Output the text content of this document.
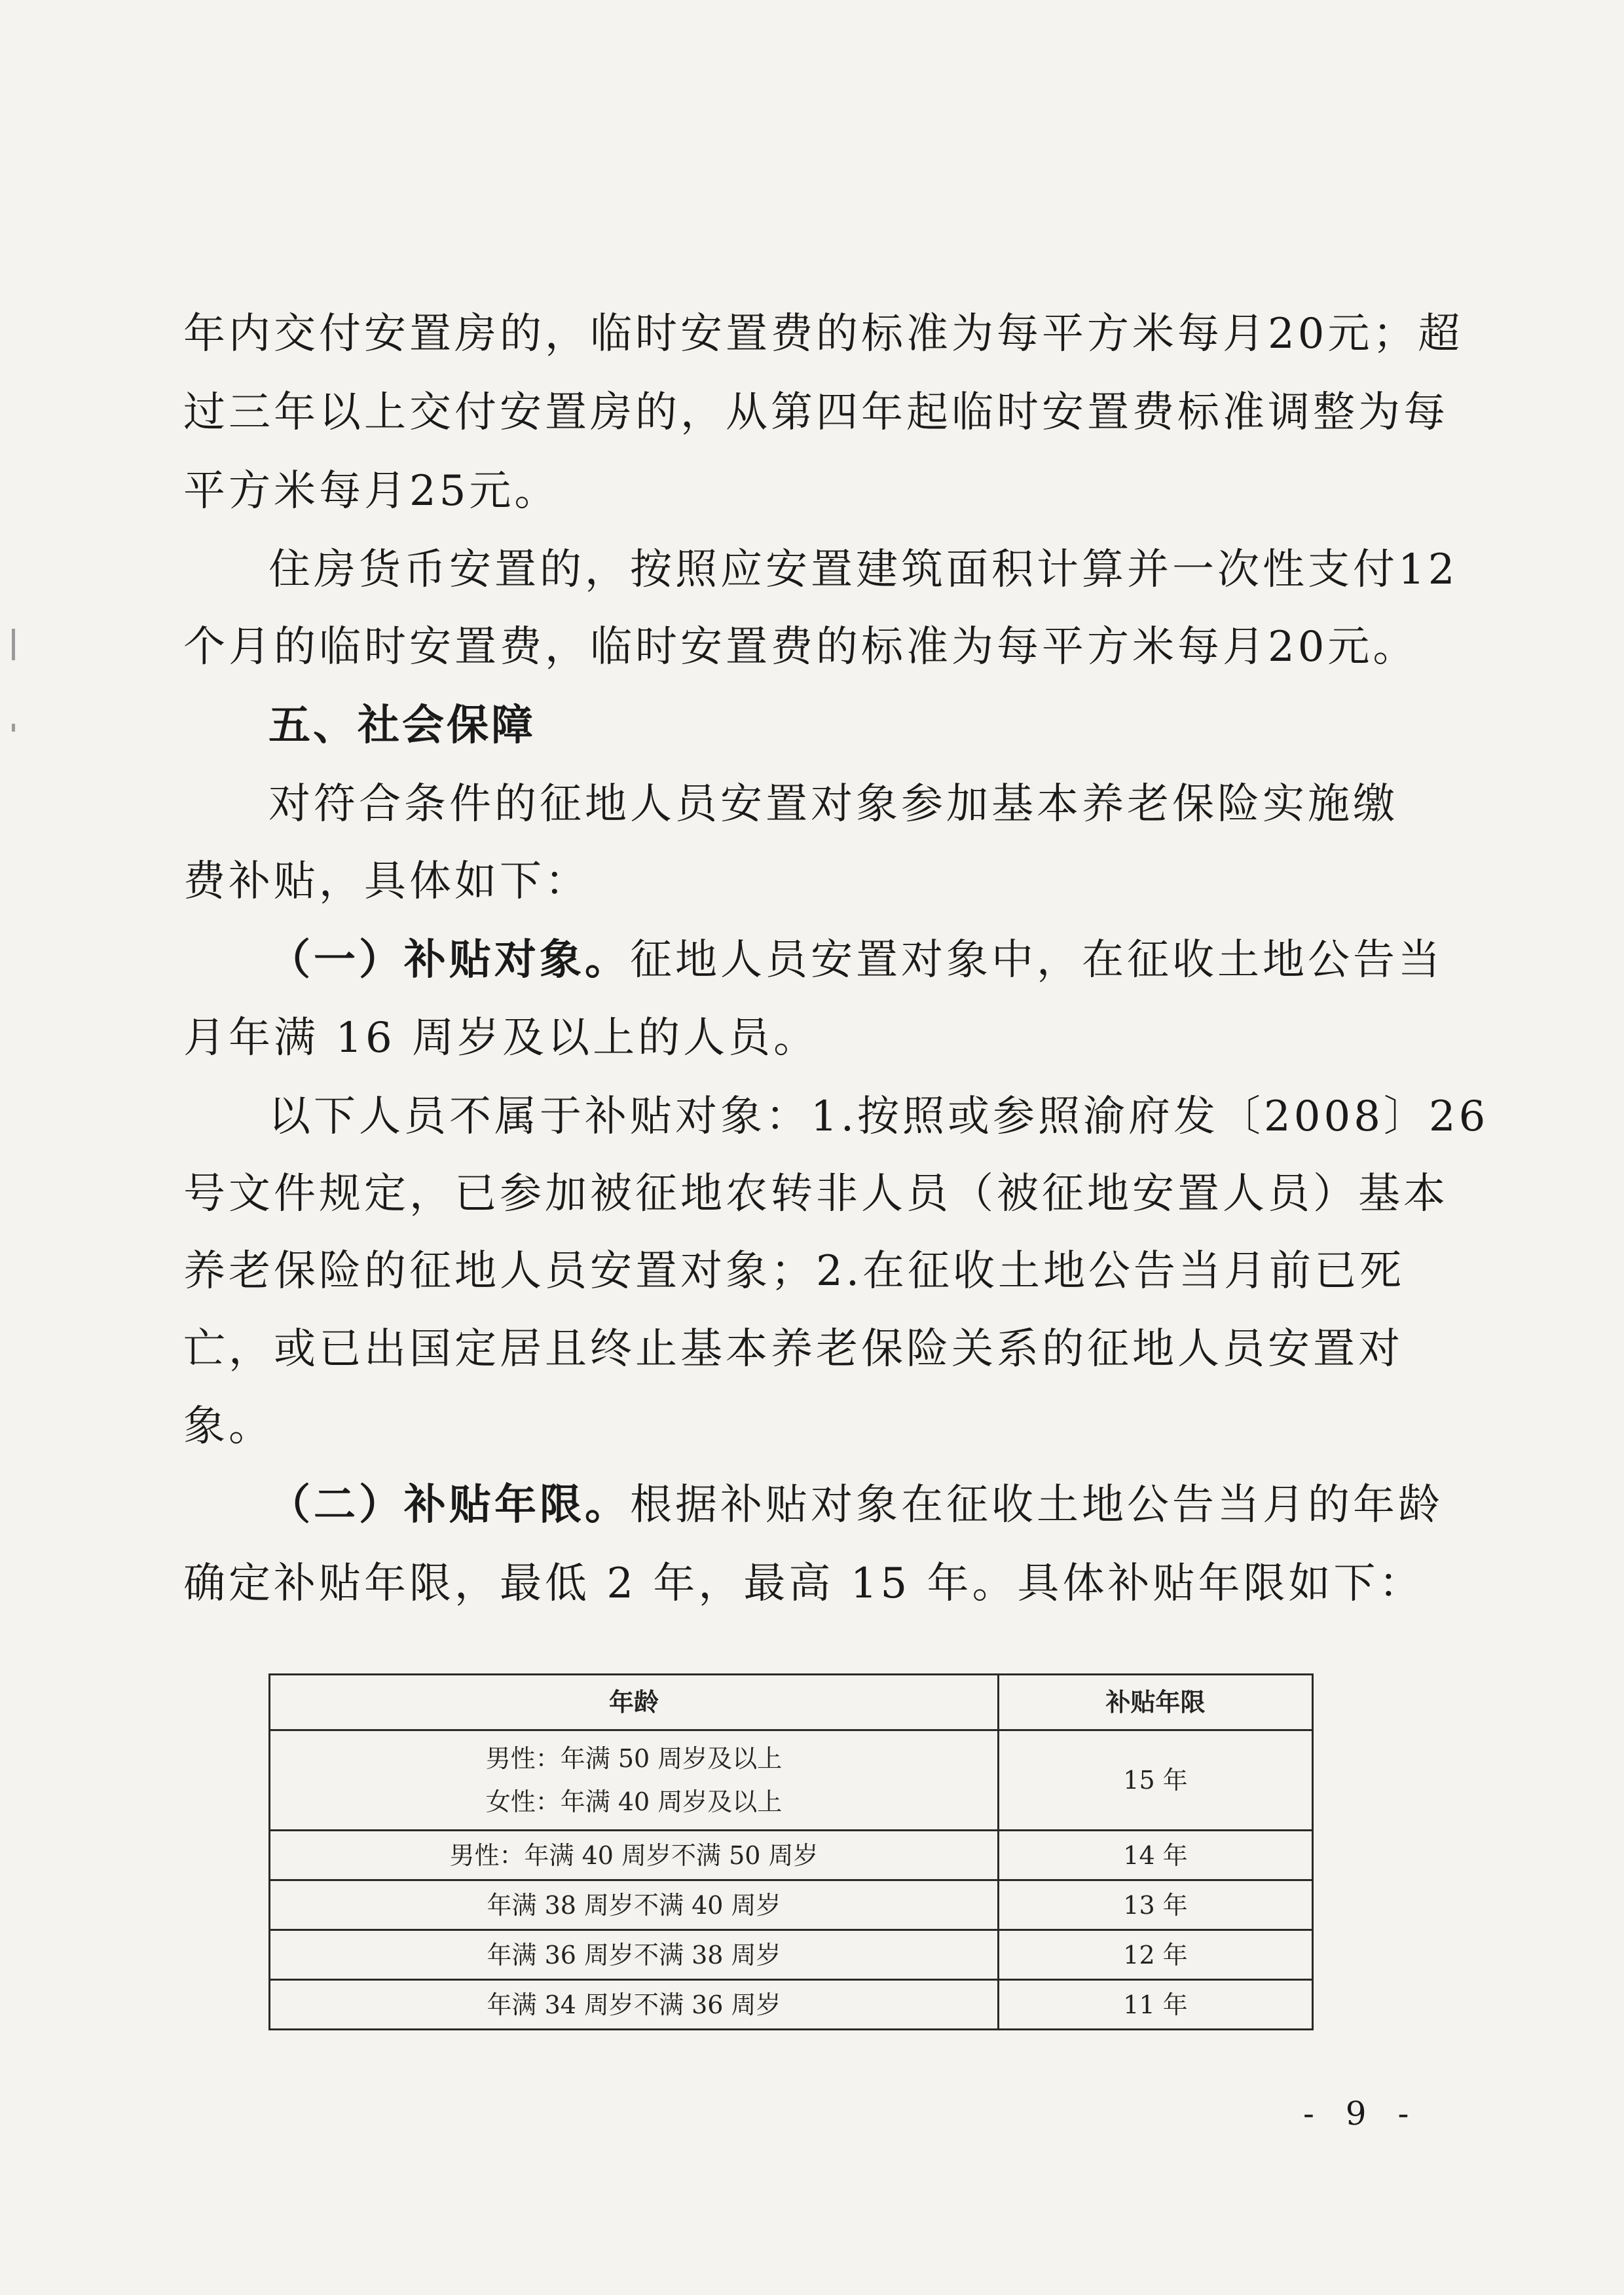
年内交付安置房的，临时安置费的标准为每平方米每月20元；超
过三年以上交付安置房的，从第四年起临时安置费标准调整为每
平方米每月25元。
住房货币安置的，按照应安置建筑面积计算并一次性支付12
个月的临时安置费，临时安置费的标准为每平方米每月20元。
五、社会保障
对符合条件的征地人员安置对象参加基本养老保险实施缴
费补贴，具体如下：
（一）补贴对象。征地人员安置对象中，在征收土地公告当
月年满 16 周岁及以上的人员。
以下人员不属于补贴对象：1.按照或参照渝府发〔2008〕26
号文件规定，已参加被征地农转非人员（被征地安置人员）基本
养老保险的征地人员安置对象；2.在征收土地公告当月前已死
亡，或已出国定居且终止基本养老保险关系的征地人员安置对
象。
（二）补贴年限。根据补贴对象在征收土地公告当月的年龄
确定补贴年限，最低 2 年，最高 15 年。具体补贴年限如下：
年龄	补贴年限

男性：年满 50 周岁及以上
女性：年满 40 周岁及以上	15 年
男性：年满 40 周岁不满 50 周岁	14 年
年满 38 周岁不满 40 周岁	13 年
年满 36 周岁不满 38 周岁	12 年
年满 34 周岁不满 36 周岁	11 年
- 9 -
